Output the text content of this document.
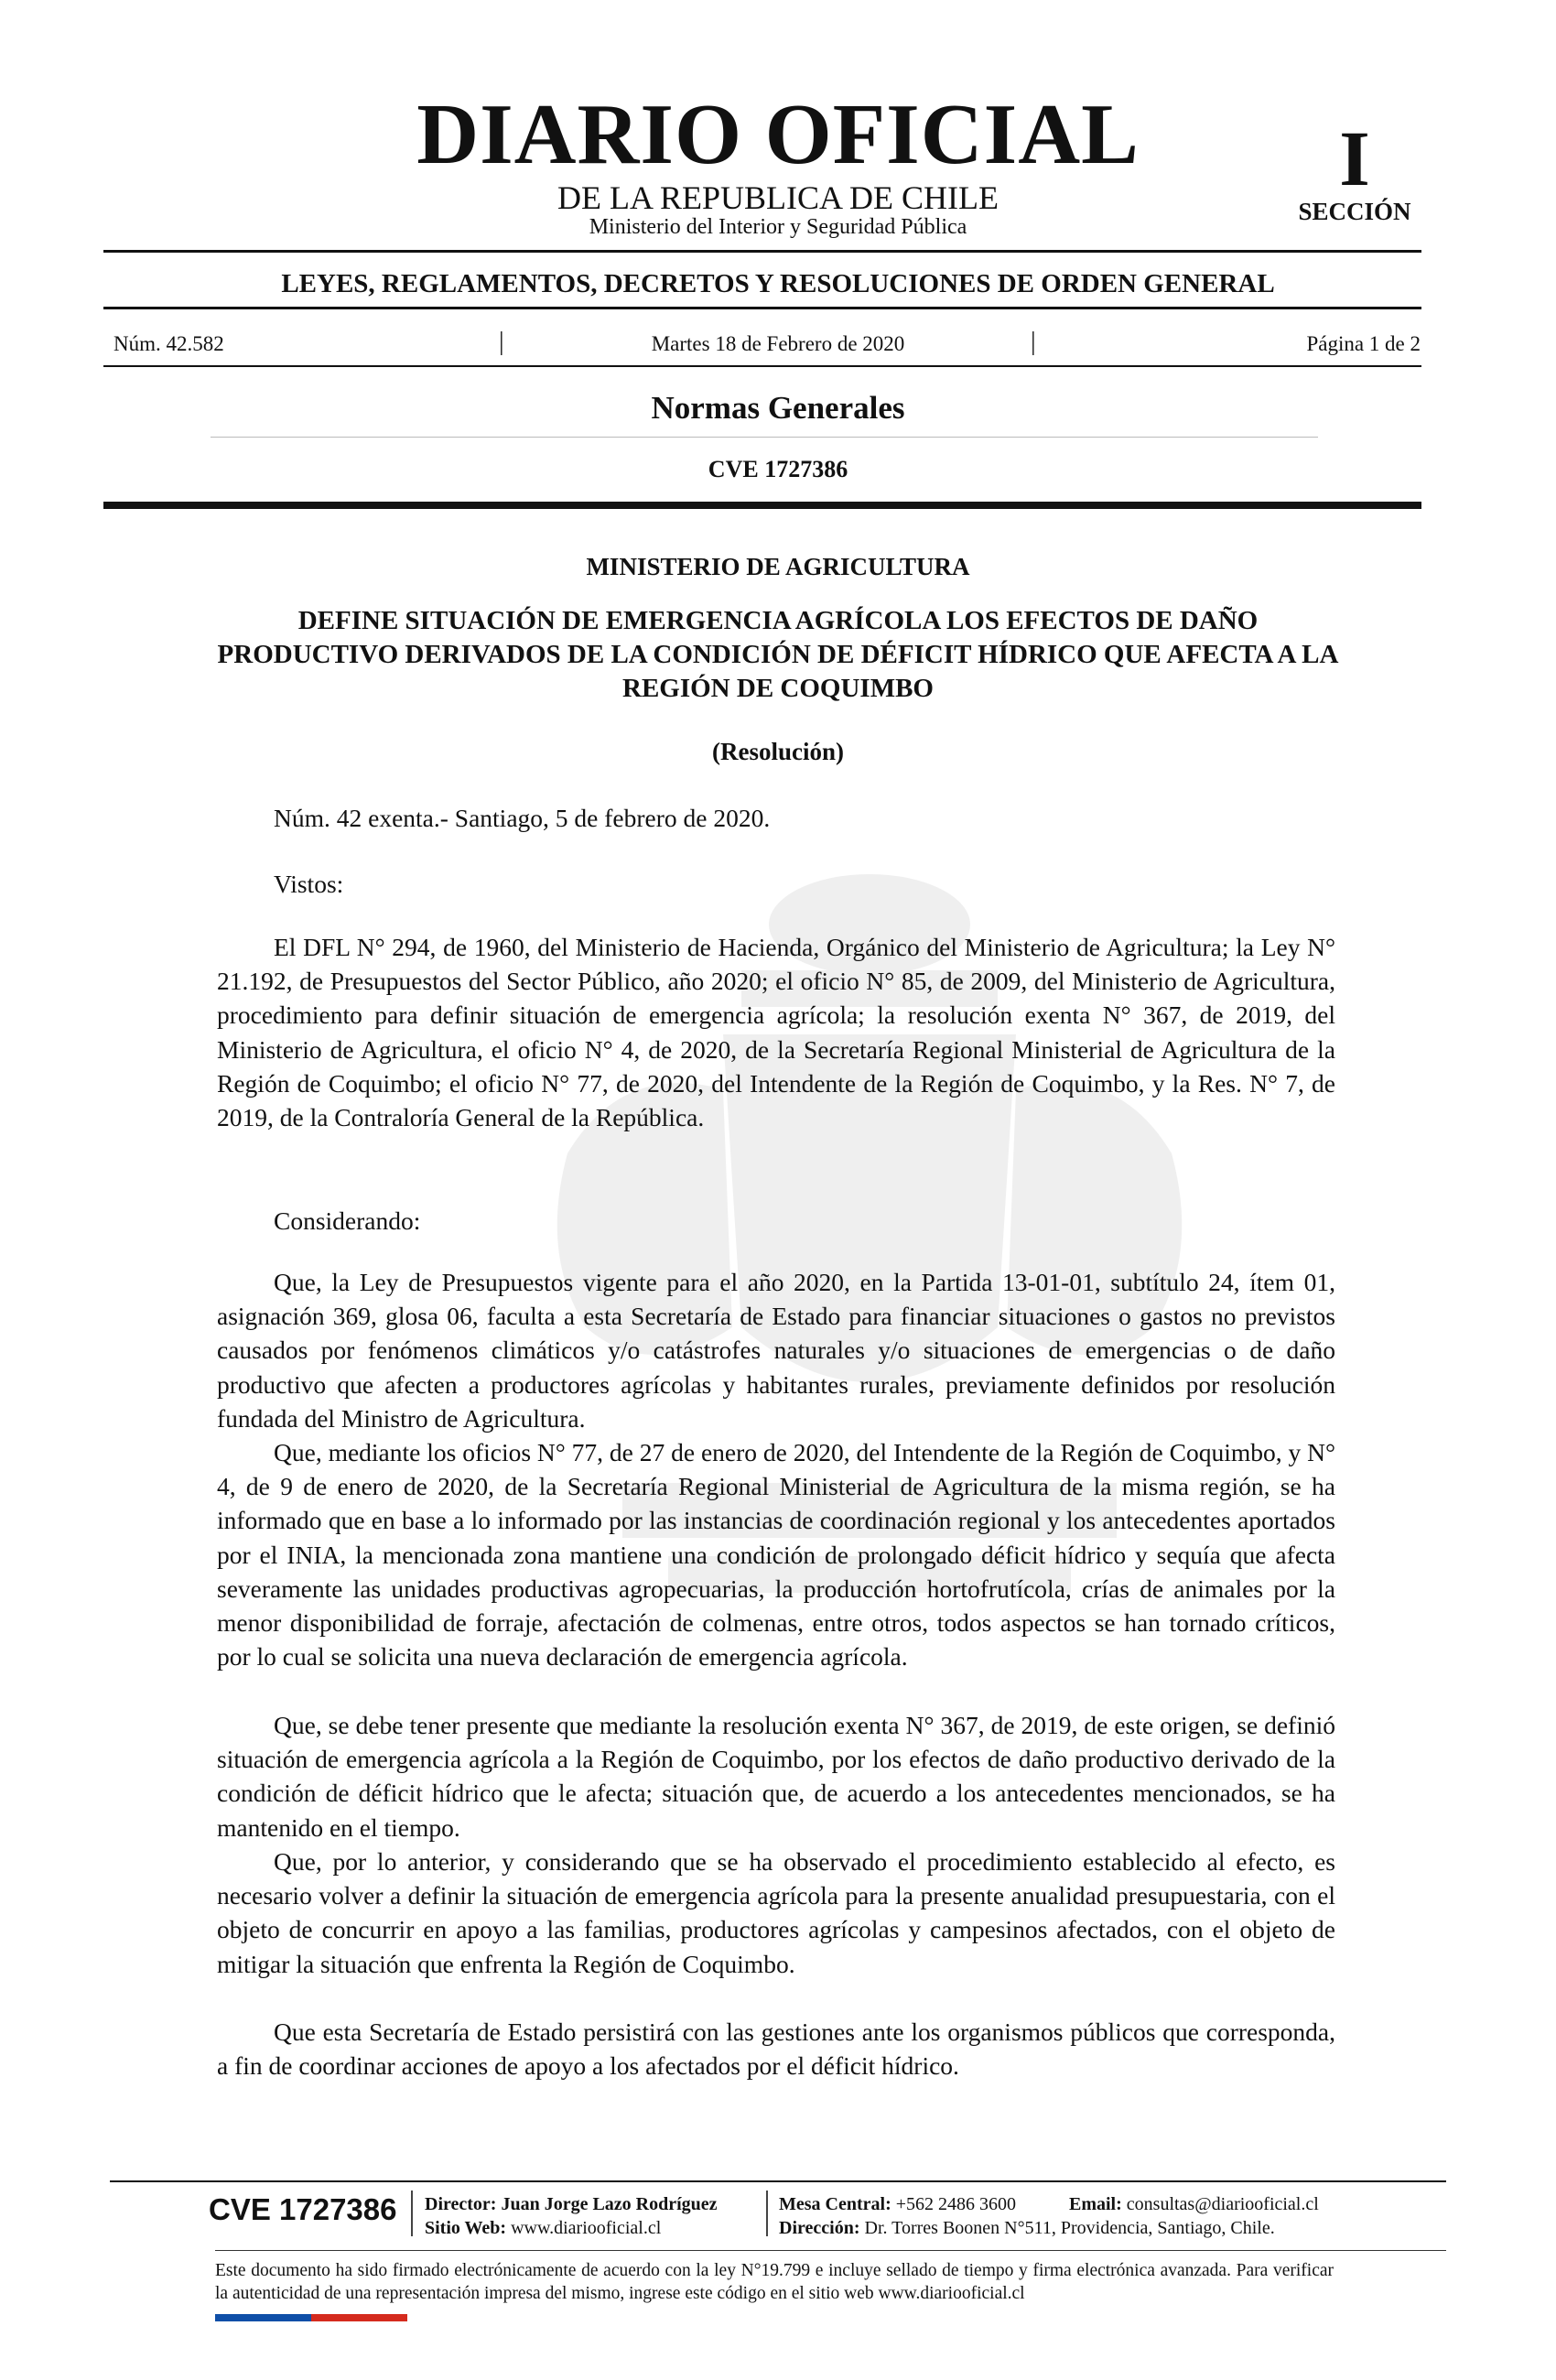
DIARIO OFICIAL
DE LA REPUBLICA DE CHILE
Ministerio del Interior y Seguridad Pública
I
SECCIÓN
LEYES, REGLAMENTOS, DECRETOS Y RESOLUCIONES DE ORDEN GENERAL
Núm. 42.582	|	Martes 18 de Febrero de 2020	|	Página 1 de 2
Normas Generales
CVE 1727386
MINISTERIO DE AGRICULTURA
DEFINE SITUACIÓN DE EMERGENCIA AGRÍCOLA LOS EFECTOS DE DAÑO PRODUCTIVO DERIVADOS DE LA CONDICIÓN DE DÉFICIT HÍDRICO QUE AFECTA A LA REGIÓN DE COQUIMBO
(Resolución)
Núm. 42 exenta.- Santiago, 5 de febrero de 2020.
Vistos:
El DFL N° 294, de 1960, del Ministerio de Hacienda, Orgánico del Ministerio de Agricultura; la Ley N° 21.192, de Presupuestos del Sector Público, año 2020; el oficio N° 85, de 2009, del Ministerio de Agricultura, procedimiento para definir situación de emergencia agrícola; la resolución exenta N° 367, de 2019, del Ministerio de Agricultura, el oficio N° 4, de 2020, de la Secretaría Regional Ministerial de Agricultura de la Región de Coquimbo; el oficio N° 77, de 2020, del Intendente de la Región de Coquimbo, y la Res. N° 7, de 2019, de la Contraloría General de la República.
Considerando:
Que, la Ley de Presupuestos vigente para el año 2020, en la Partida 13-01-01, subtítulo 24, ítem 01, asignación 369, glosa 06, faculta a esta Secretaría de Estado para financiar situaciones o gastos no previstos causados por fenómenos climáticos y/o catástrofes naturales y/o situaciones de emergencias o de daño productivo que afecten a productores agrícolas y habitantes rurales, previamente definidos por resolución fundada del Ministro de Agricultura.
Que, mediante los oficios N° 77, de 27 de enero de 2020, del Intendente de la Región de Coquimbo, y N° 4, de 9 de enero de 2020, de la Secretaría Regional Ministerial de Agricultura de la misma región, se ha informado que en base a lo informado por las instancias de coordinación regional y los antecedentes aportados por el INIA, la mencionada zona mantiene una condición de prolongado déficit hídrico y sequía que afecta severamente las unidades productivas agropecuarias, la producción hortofrutícola, crías de animales por la menor disponibilidad de forraje, afectación de colmenas, entre otros, todos aspectos se han tornado críticos, por lo cual se solicita una nueva declaración de emergencia agrícola.
Que, se debe tener presente que mediante la resolución exenta N° 367, de 2019, de este origen, se definió situación de emergencia agrícola a la Región de Coquimbo, por los efectos de daño productivo derivado de la condición de déficit hídrico que le afecta; situación que, de acuerdo a los antecedentes mencionados, se ha mantenido en el tiempo.
Que, por lo anterior, y considerando que se ha observado el procedimiento establecido al efecto, es necesario volver a definir la situación de emergencia agrícola para la presente anualidad presupuestaria, con el objeto de concurrir en apoyo a las familias, productores agrícolas y campesinos afectados, con el objeto de mitigar la situación que enfrenta la Región de Coquimbo.
Que esta Secretaría de Estado persistirá con las gestiones ante los organismos públicos que corresponda, a fin de coordinar acciones de apoyo a los afectados por el déficit hídrico.
CVE 1727386 Director: Juan Jorge Lazo Rodríguez
Sitio Web: www.diariooficial.cl
Mesa Central: +562 2486 3600	Email: consultas@diariooficial.cl
Dirección: Dr. Torres Boonen N°511, Providencia, Santiago, Chile.
Este documento ha sido firmado electrónicamente de acuerdo con la ley N°19.799 e incluye sellado de tiempo y firma electrónica avanzada. Para verificar la autenticidad de una representación impresa del mismo, ingrese este código en el sitio web www.diariooficial.cl
